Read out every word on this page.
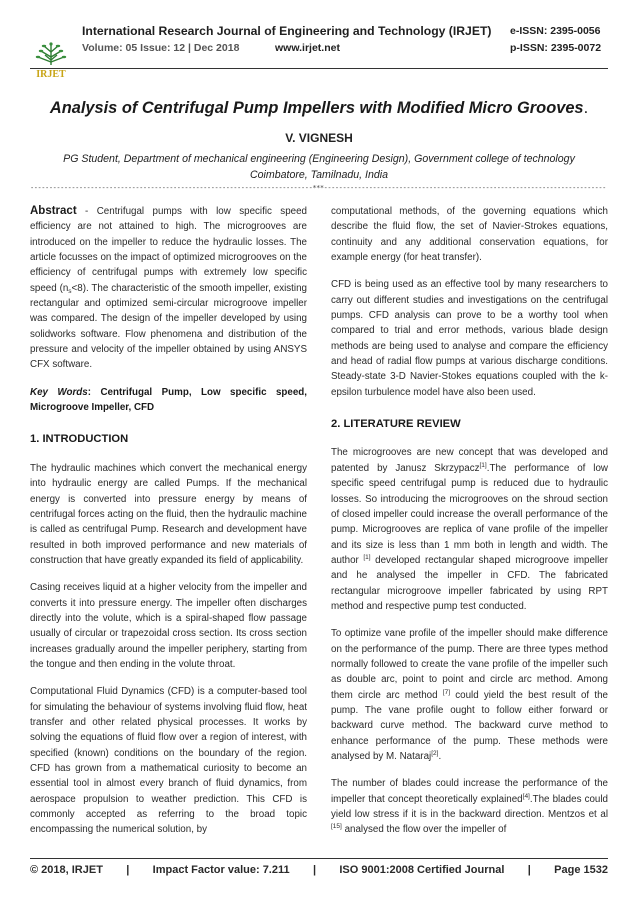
IRJET
International Research Journal of Engineering and Technology (IRJET) e-ISSN: 2395-0056
Volume: 05 Issue: 12 | Dec 2018	www.irjet.net	p-ISSN: 2395-0072
Analysis of Centrifugal Pump Impellers with Modified Micro Grooves.
V. VIGNESH
PG Student, Department of mechanical engineering (Engineering Design), Government college of technology
Coimbatore, Tamilnadu, India
---------------------------------------------------------------------------***---------------------------------------------------------------------------

Abstract - Centrifugal pumps with low specific speed efficiency are not attained to high. The microgrooves are introduced on the impeller to reduce the hydraulic losses. The article focusses on the impact of optimized microgrooves on the efficiency of centrifugal pumps with extremely low specific speed $(n_s<8)$. The characteristic of the smooth impeller, existing rectangular and optimized semi-circular microgroove impeller was compared. The design of the impeller developed by using solidworks software. Flow phenomena and distribution of the pressure and velocity of the impeller obtained by using ANSYS CFX software.

Key Words: Centrifugal Pump, Low specific speed, Microgroove Impeller, CFD

1. INTRODUCTION

The hydraulic machines which convert the mechanical energy into hydraulic energy are called Pumps. If the mechanical energy is converted into pressure energy by means of centrifugal forces acting on the fluid, then the hydraulic machine is called as centrifugal Pump. Research and development have resulted in both improved performance and new materials of construction that have greatly expanded its field of applicability.

Casing receives liquid at a higher velocity from the impeller and converts it into pressure energy. The impeller often discharges directly into the volute, which is a spiral-shaped flow passage usually of circular or trapezoidal cross section. Its cross section increases gradually around the impeller periphery, starting from the tongue and then ending in the volute throat.

Computational Fluid Dynamics (CFD) is a computer-based tool for simulating the behaviour of systems involving fluid flow, heat transfer and other related physical processes. It works by solving the equations of fluid flow over a region of interest, with specified (known) conditions on the boundary of the region. CFD has grown from a mathematical curiosity to become an essential tool in almost every branch of fluid dynamics, from aerospace propulsion to weather prediction. This CFD is commonly accepted as referring to the broad topic encompassing the numerical solution, by

computational methods, of the governing equations which describe the fluid flow, the set of Navier-Strokes equations, continuity and any additional conservation equations, for example energy (for heat transfer).

CFD is being used as an effective tool by many researchers to carry out different studies and investigations on the centrifugal pumps. CFD analysis can prove to be a worthy tool when compared to trial and error methods, various blade design methods are being used to analyse and compare the efficiency and head of radial flow pumps at various discharge conditions. Steady-state 3-D Navier-Stokes equations coupled with the k-epsilon turbulence model have also been used.

2. LITERATURE REVIEW

The microgrooves are new concept that was developed and patented by Janusz Skrzypacz[1].The performance of low specific speed centrifugal pump is reduced due to hydraulic losses. So introducing the microgrooves on the shroud section of closed impeller could increase the overall performance of the pump. Microgrooves are replica of vane profile of the impeller and its size is less than 1 mm both in length and width. The author [1] developed rectangular shaped microgroove impeller and he analysed the impeller in CFD. The fabricated rectangular microgroove impeller fabricated by using RPT method and respective pump test conducted.

To optimize vane profile of the impeller should make difference on the performance of the pump. There are three types method normally followed to create the vane profile of the impeller such as double arc, point to point and circle arc method. Among them circle arc method [7] could yield the best result of the pump. The vane profile ought to follow either forward or backward curve method. The backward curve method to enhance performance of the pump. These methods were analysed by M. Nataraj[2].

The number of blades could increase the performance of the impeller that concept theoretically explained[4].The blades could yield low stress if it is in the backward direction. Mentzos et al [15] analysed the flow over the impeller of

© 2018, IRJET | Impact Factor value: 7.211 | ISO 9001:2008 Certified Journal | Page 1532
